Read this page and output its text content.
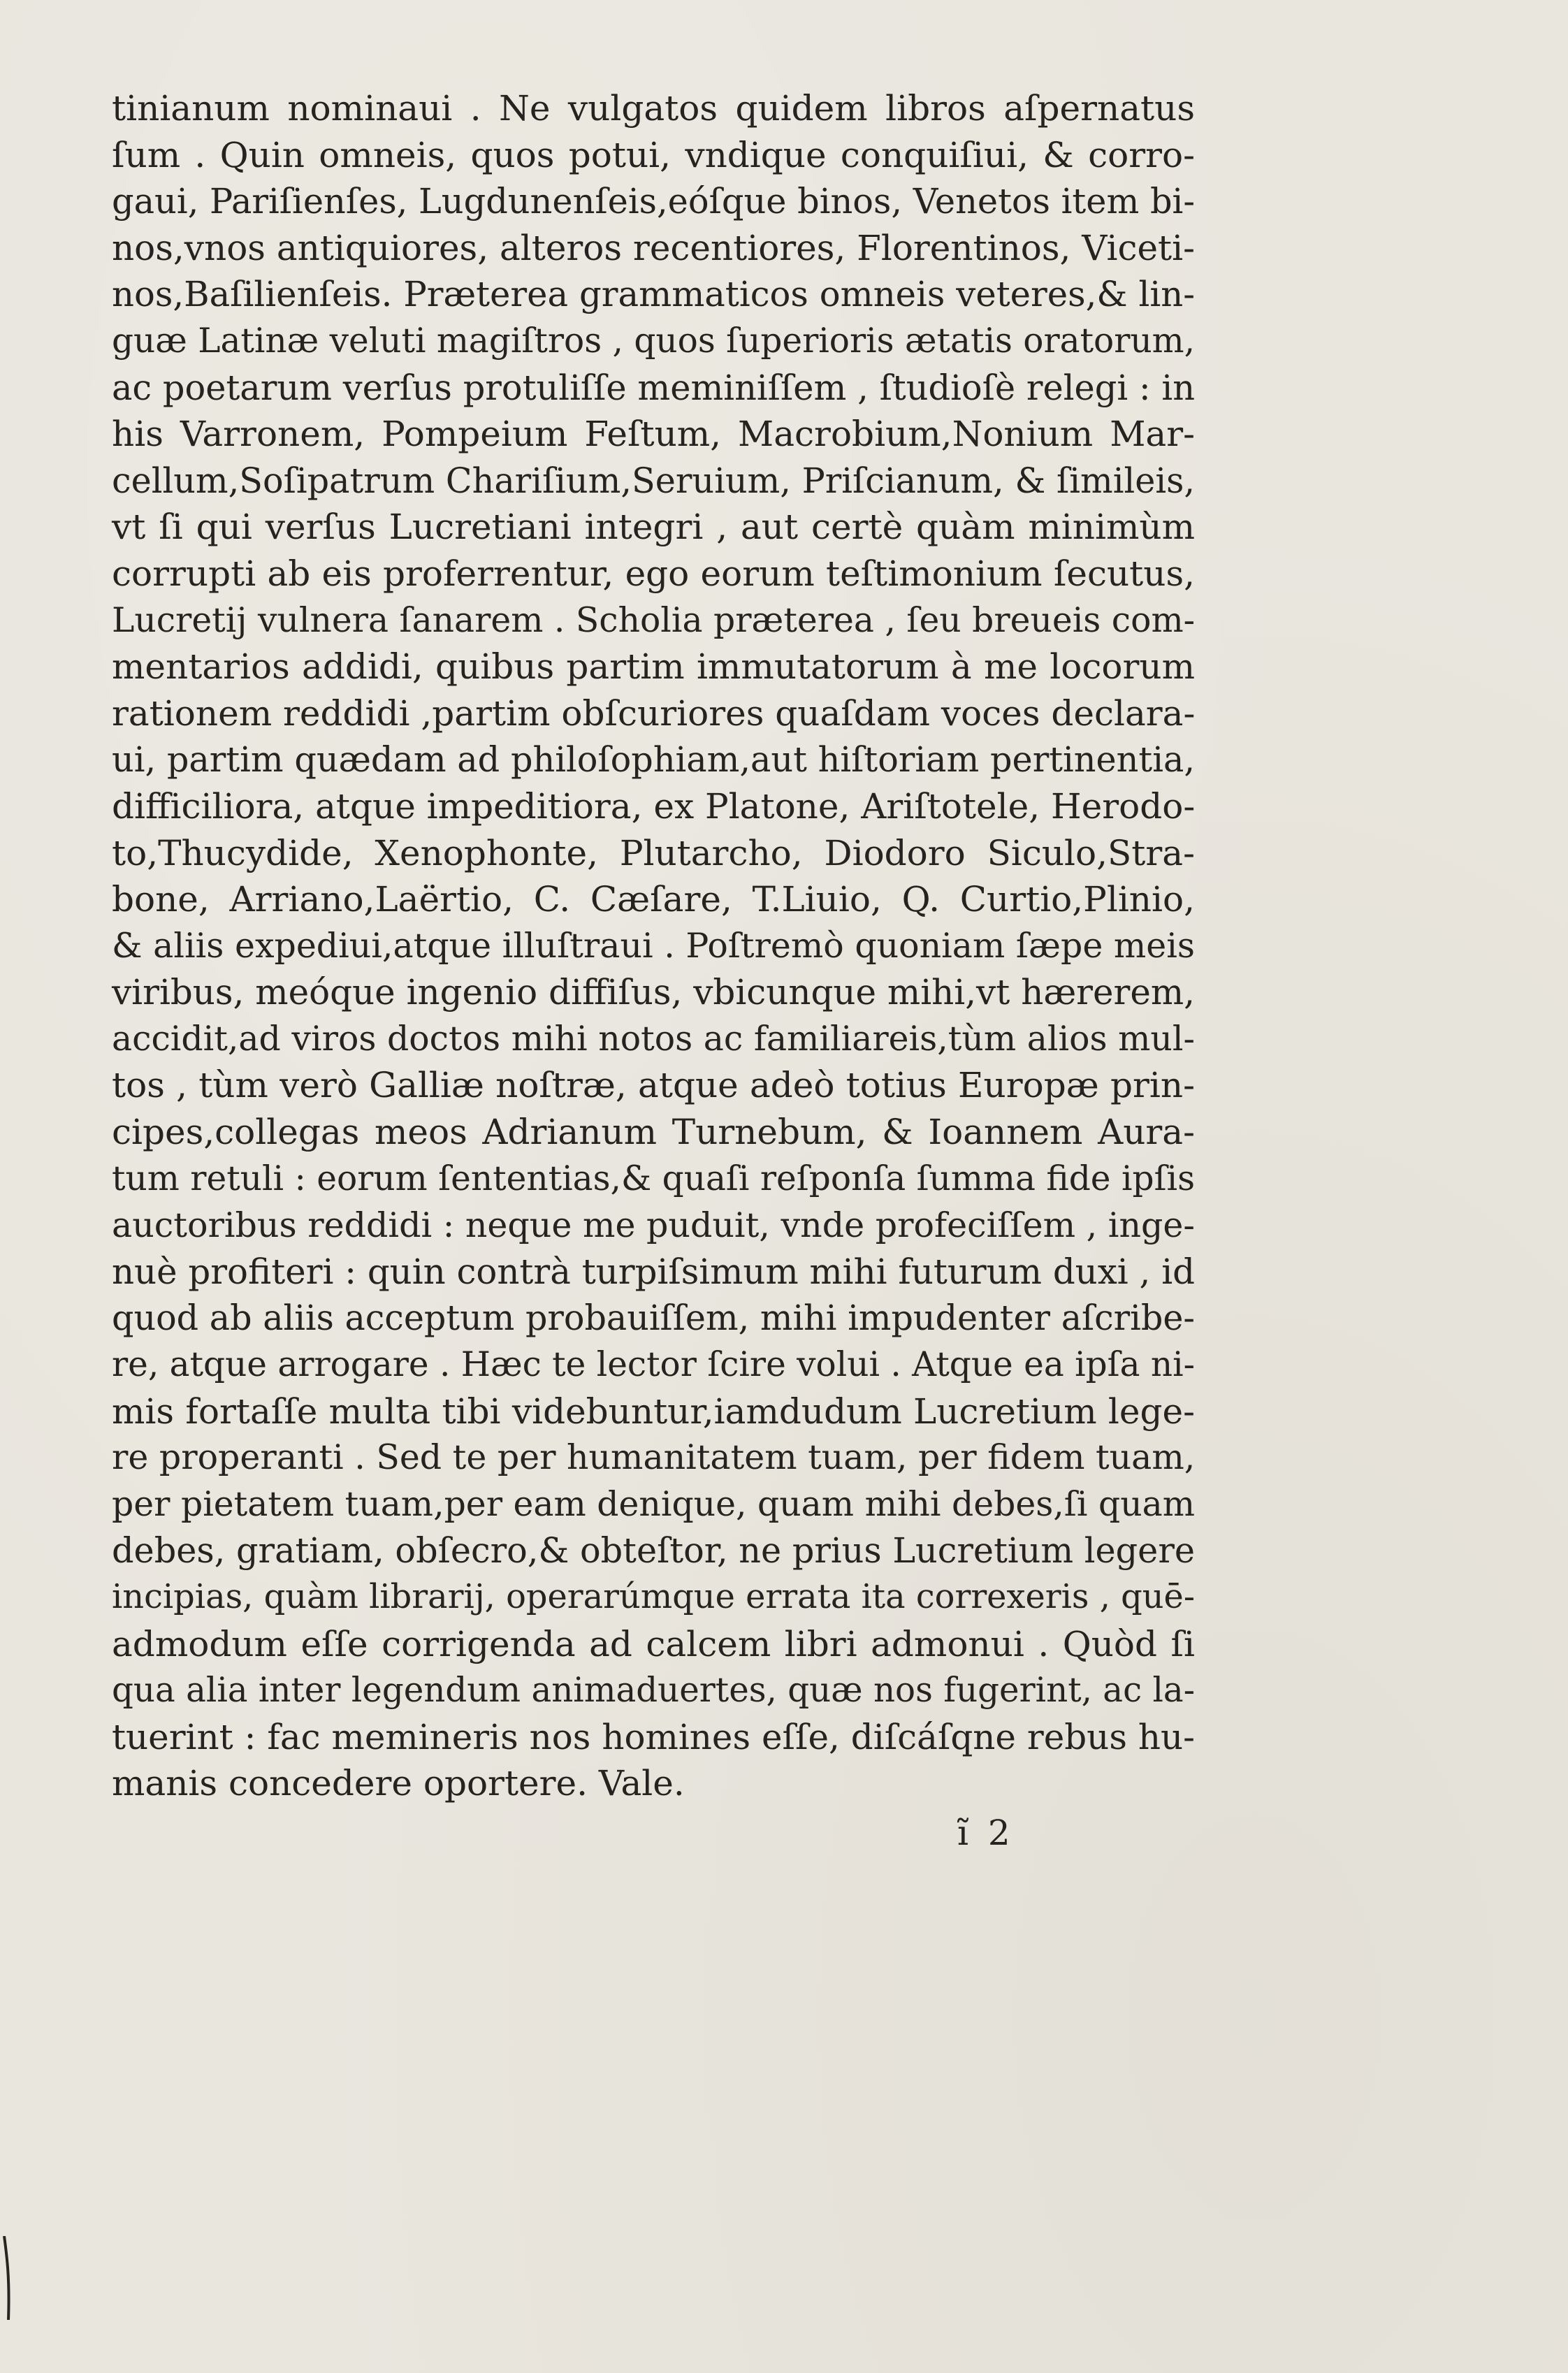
tinianum nominaui . Ne vulgatos quidem libros aſpernatus
ſum . Quin omneis, quos potui, vndique conquiſiui, & corro-
gaui, Pariſienſes, Lugdunenſeis,eóſque binos, Venetos item bi-
nos,vnos antiquiores, alteros recentiores, Florentinos, Viceti-
nos,Baſilienſeis. Præterea grammaticos omneis veteres,& lin-
guæ Latinæ veluti magiſtros , quos ſuperioris ætatis oratorum,
ac poetarum verſus protuliſſe meminiſſem , ſtudioſè relegi : in
his Varronem, Pompeium Feſtum, Macrobium,Nonium Mar-
cellum,Soſipatrum Chariſium,Seruium, Priſcianum, & ſimileis,
vt ſi qui verſus Lucretiani integri , aut certè quàm minimùm
corrupti ab eis proferrentur, ego eorum teſtimonium ſecutus,
Lucretij vulnera ſanarem . Scholia præterea , ſeu breueis com-
mentarios addidi, quibus partim immutatorum à me locorum
rationem reddidi ,partim obſcuriores quaſdam voces declara-
ui, partim quædam ad philoſophiam,aut hiſtoriam pertinentia,
difficiliora, atque impeditiora, ex Platone, Ariſtotele, Herodo-
to,Thucydide, Xenophonte, Plutarcho, Diodoro Siculo,Stra-
bone, Arriano,Laërtio, C. Cæſare, T.Liuio, Q. Curtio,Plinio,
& aliis expediui,atque illuſtraui . Poſtremò quoniam ſæpe meis
viribus, meóque ingenio diffiſus, vbicunque mihi,vt hærerem,
accidit,ad viros doctos mihi notos ac familiareis,tùm alios mul-
tos , tùm verò Galliæ noſtræ, atque adeò totius Europæ prin-
cipes,collegas meos Adrianum Turnebum, & Ioannem Aura-
tum retuli : eorum ſententias,& quaſi reſponſa ſumma fide ipſis
auctoribus reddidi : neque me puduit, vnde profeciſſem , inge-
nuè profiteri : quin contrà turpiſsimum mihi futurum duxi , id
quod ab aliis acceptum probauiſſem, mihi impudenter aſcribe-
re, atque arrogare . Hæc te lector ſcire volui . Atque ea ipſa ni-
mis fortaſſe multa tibi videbuntur,iamdudum Lucretium lege-
re properanti . Sed te per humanitatem tuam, per fidem tuam,
per pietatem tuam,per eam denique, quam mihi debes,ſi quam
debes, gratiam, obſecro,& obteſtor, ne prius Lucretium legere
incipias, quàm librarij, operarúmque errata ita correxeris , quē-
admodum eſſe corrigenda ad calcem libri admonui . Quòd ſi
qua alia inter legendum animaduertes, quæ nos fugerint, ac la-
tuerint : fac memineris nos homines eſſe, diſcáſqne rebus hu-
manis concedere oportere. Vale.
ĩ 2
